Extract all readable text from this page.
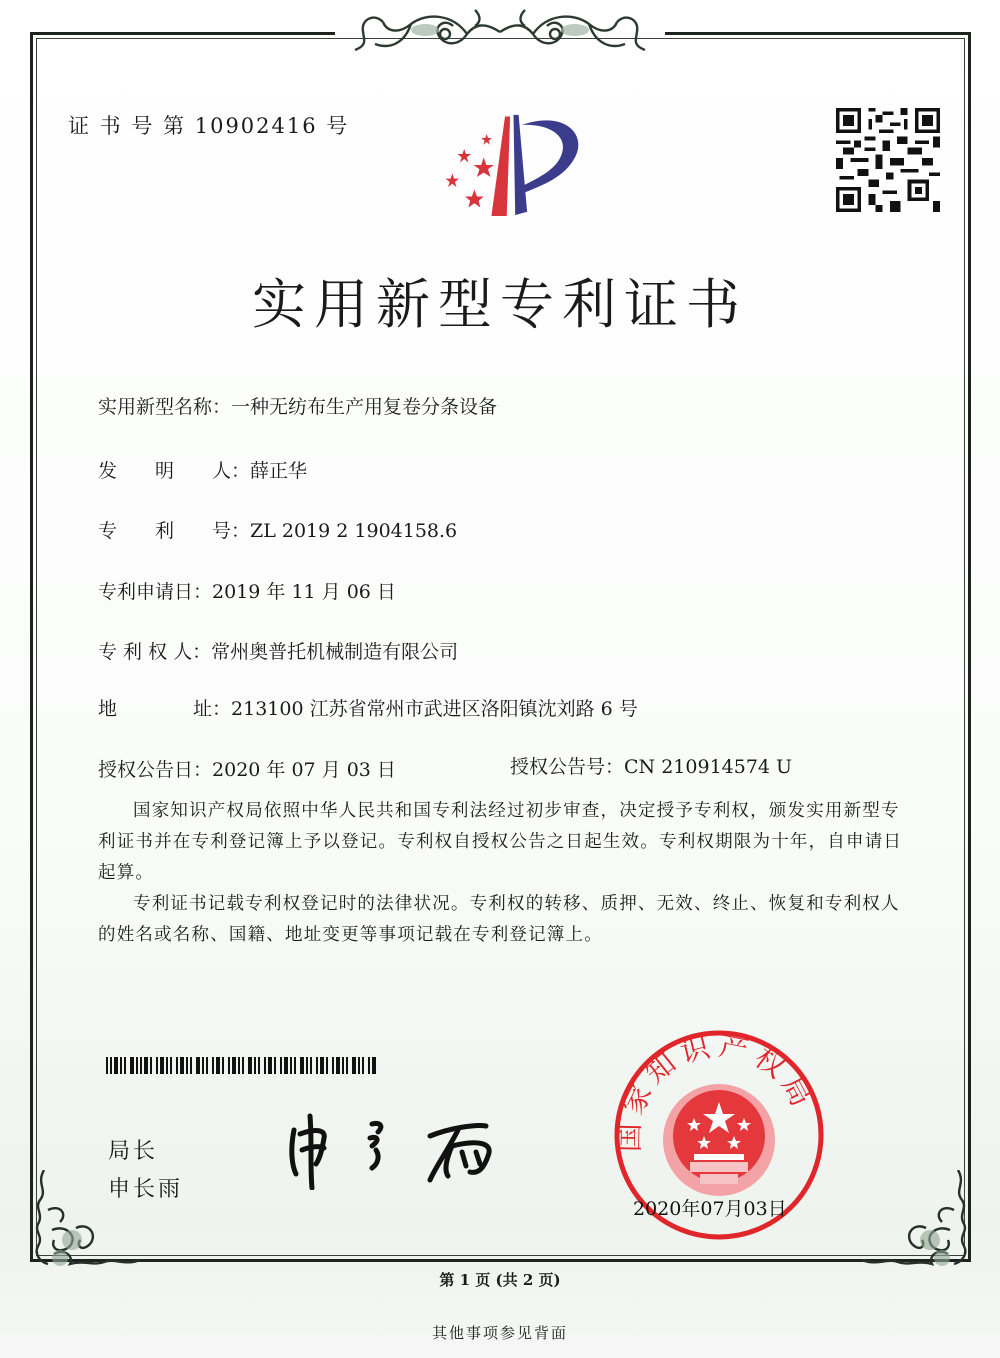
证 书 号 第 10902416 号
实用新型专利证书
实用新型名称：一种无纺布生产用复卷分条设备
发　　明　　人：薛正华
专　　利　　号：ZL 2019 2 1904158.6
专利申请日：2019 年 11 月 06 日
专 利 权 人：常州奥普托机械制造有限公司
地　　　　址：213100 江苏省常州市武进区洛阳镇沈刘路 6 号
授权公告日：2020 年 07 月 03 日	授权公告号：CN 210914574 U
国家知识产权局依照中华人民共和国专利法经过初步审查，决定授予专利权，颁发实用新型专利证书并在专利登记簿上予以登记。专利权自授权公告之日起生效。专利权期限为十年，自申请日起算。
专利证书记载专利权登记时的法律状况。专利权的转移、质押、无效、终止、恢复和专利权人的姓名或名称、国籍、地址变更等事项记载在专利登记簿上。
局长
申长雨
国家知识产权局
2020年07月03日
第 1 页 (共 2 页)
其他事项参见背面
